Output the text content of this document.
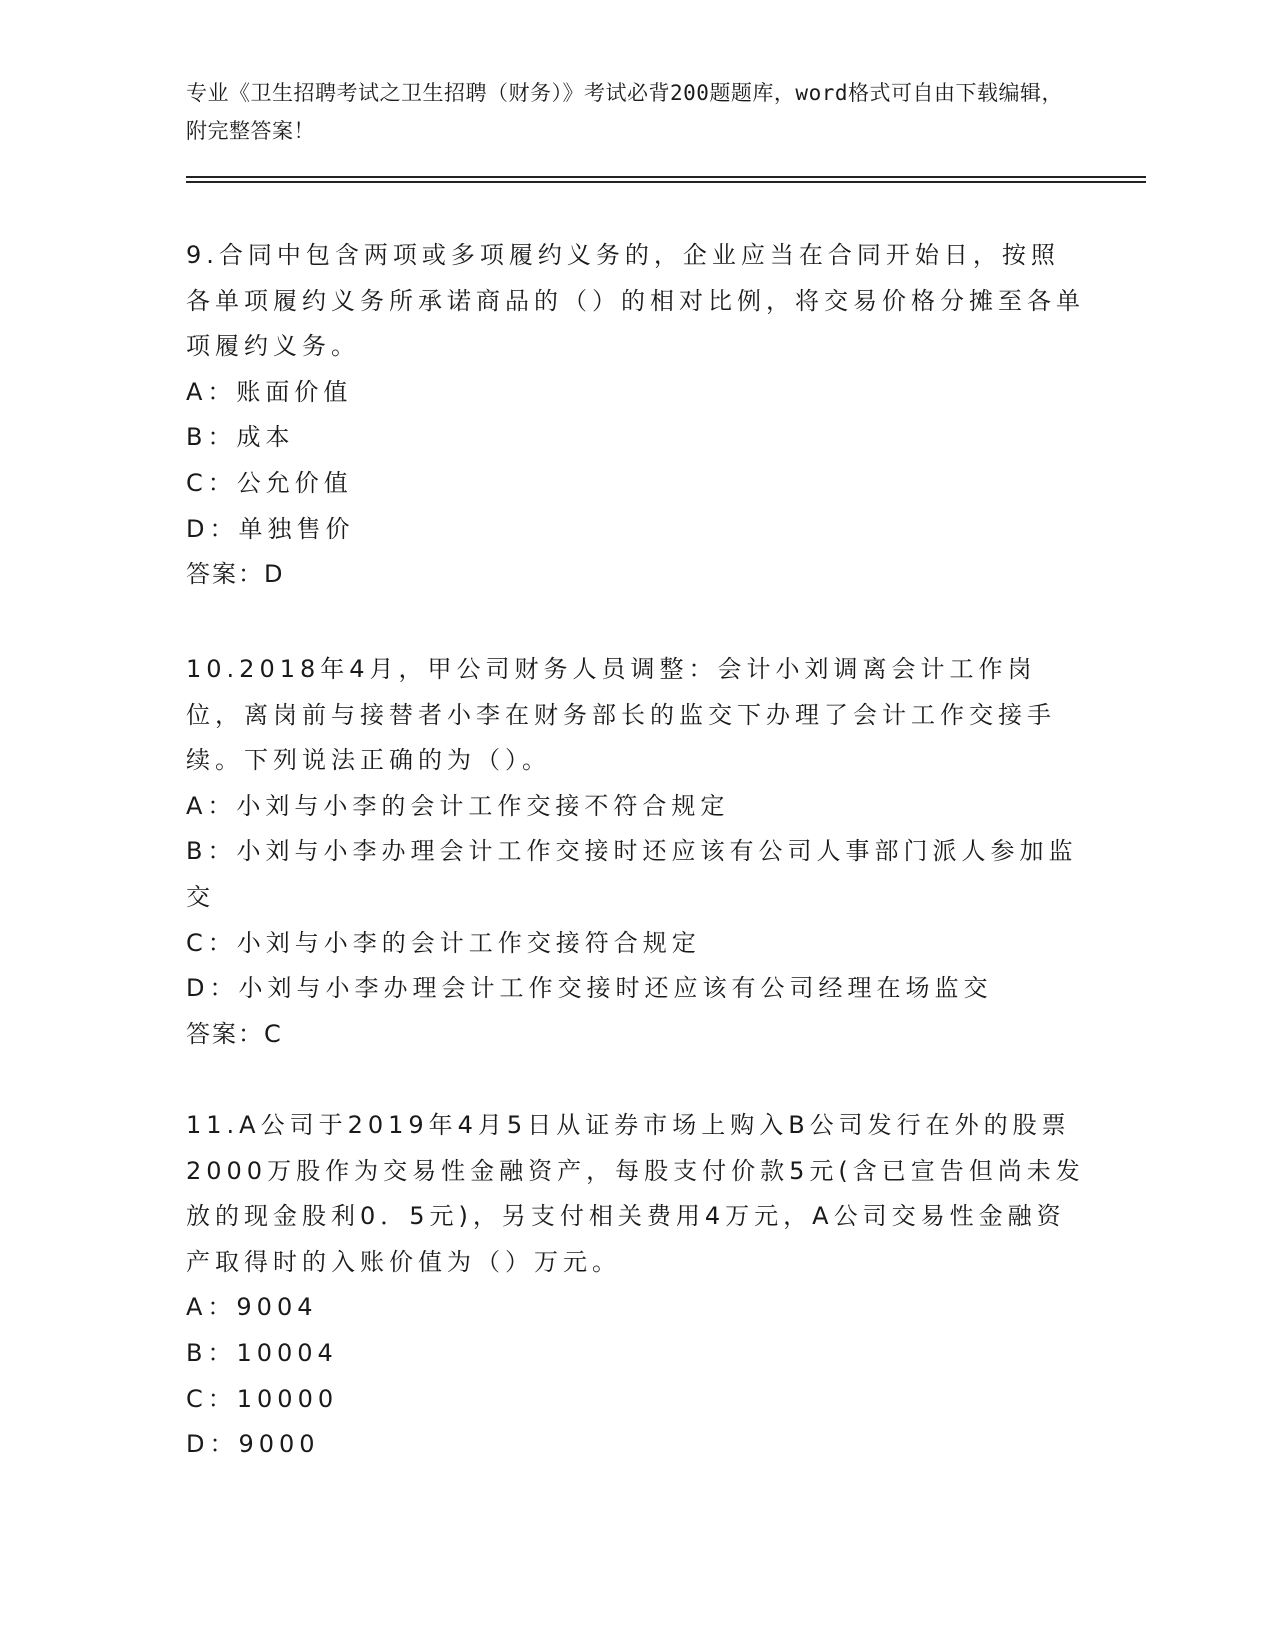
专业《卫生招聘考试之卫生招聘（财务）》考试必背200题题库，word格式可自由下载编辑，附完整答案！

9.合同中包含两项或多项履约义务的，企业应当在合同开始日，按照各单项履约义务所承诺商品的（）的相对比例，将交易价格分摊至各单项履约义务。

A：账面价值

B：成本

C：公允价值

D：单独售价

答案：D

10.2018年4月，甲公司财务人员调整：会计小刘调离会计工作岗位，离岗前与接替者小李在财务部长的监交下办理了会计工作交接手续。下列说法正确的为（）。

A：小刘与小李的会计工作交接不符合规定

B：小刘与小李办理会计工作交接时还应该有公司人事部门派人参加监交

C：小刘与小李的会计工作交接符合规定

D：小刘与小李办理会计工作交接时还应该有公司经理在场监交

答案：C

11.A公司于2019年4月5日从证券市场上购入B公司发行在外的股票2000万股作为交易性金融资产，每股支付价款5元(含已宣告但尚未发放的现金股利0．5元)，另支付相关费用4万元，A公司交易性金融资产取得时的入账价值为（）万元。

A：9004

B：10004

C：10000

D：9000
